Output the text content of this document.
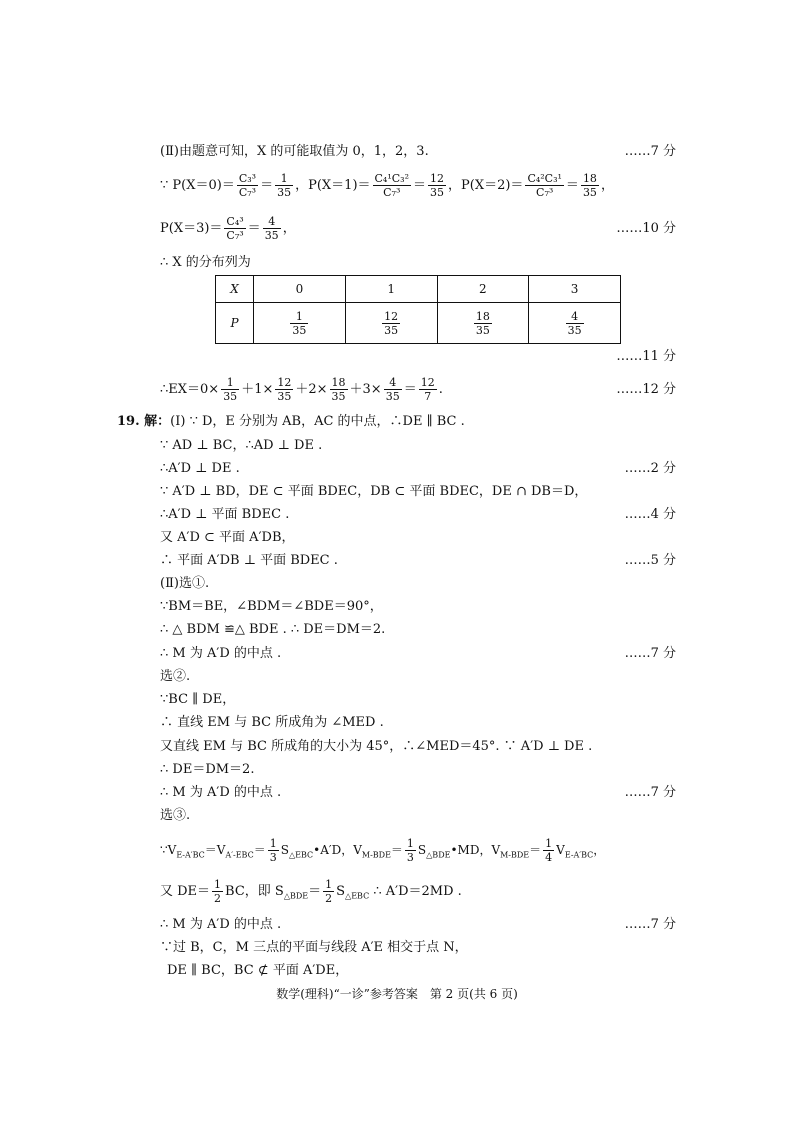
(Ⅱ)由题意可知，X 的可能取值为 0，1，2，3.	……7 分
∵ $P(X=0)= \frac{\text{C₃³}}{\text{C₇³}} = \frac{1}{35}$ ，$P(X=1)= \frac{\text{C₄¹C₃²}}{\text{C₇³}} = \frac{12}{35}$ ，$P(X=2)= \frac{\text{C₄²C₃¹}}{\text{C₇³}} = \frac{18}{35}$ ，
$P(X=3)= \frac{\text{C₄³}}{\text{C₇³}} = \frac{4}{35}$ ，	……10 分
∴ X 的分布列为
X	0	1	2	3
P	$\frac{1}{35}$	$\frac{12}{35}$	$\frac{18}{35}$	$\frac{4}{35}$
……11 分
∴EX＝0× $\frac{1}{35} +1\times \frac{12}{35} +2\times \frac{18}{35} +3\times \frac{4}{35} = \frac{12}{7}$ .	……12 分
19. 解：(Ⅰ) ∵ D，E 分别为 AB，AC 的中点，∴DE ∥ BC .
∵ AD ⊥ BC，∴AD ⊥ DE .
∴A′D ⊥ DE .	……2 分
∵ A′D ⊥ BD，DE ⊂ 平面 BDEC，DB ⊂ 平面 BDEC，DE ∩ DB＝D，
∴A′D ⊥ 平面 BDEC .	……4 分
又 A′D ⊂ 平面 A′DB，
∴ 平面 A′DB ⊥ 平面 BDEC .	……5 分
(Ⅱ)选①.
∵BM＝BE，∠BDM＝∠BDE＝90°，
∴ △ BDM ≌△ BDE . ∴ DE＝DM＝2.
∴ M 为 A′D 的中点 .	……7 分
选②.
∵BC ∥ DE，
∴ 直线 EM 与 BC 所成角为 ∠MED .
又直线 EM 与 BC 所成角的大小为 45°，∴∠MED＝45°. ∵ A′D ⊥ DE .
∴ DE＝DM＝2.
∴ M 为 A′D 的中点 .	……7 分
选③.
$\because V_{E-A'BC}=V_{A'-EBC}= \frac{1}{3}$ $S_{\triangle EBC}•A'D$，$V_{M-BDE}= \frac{1}{3}$ $S_{\triangle BDE}•MD$，$V_{M-BDE}= \frac{1}{4} V_{E-A'BC}$，
又 $DE= \frac{1}{2}$ BC，即 $S_{\triangle BDE}= \frac{1}{2} S_{\triangle EBC}$ ∴ A′D＝2MD .
∴ M 为 A′D 的中点 .	……7 分
∵过 B，C，M 三点的平面与线段 A′E 相交于点 N，
DE ∥ BC，BC ⊄ 平面 A′DE，
数学(理科)“一诊”参考答案　第 2 页(共 6 页)
